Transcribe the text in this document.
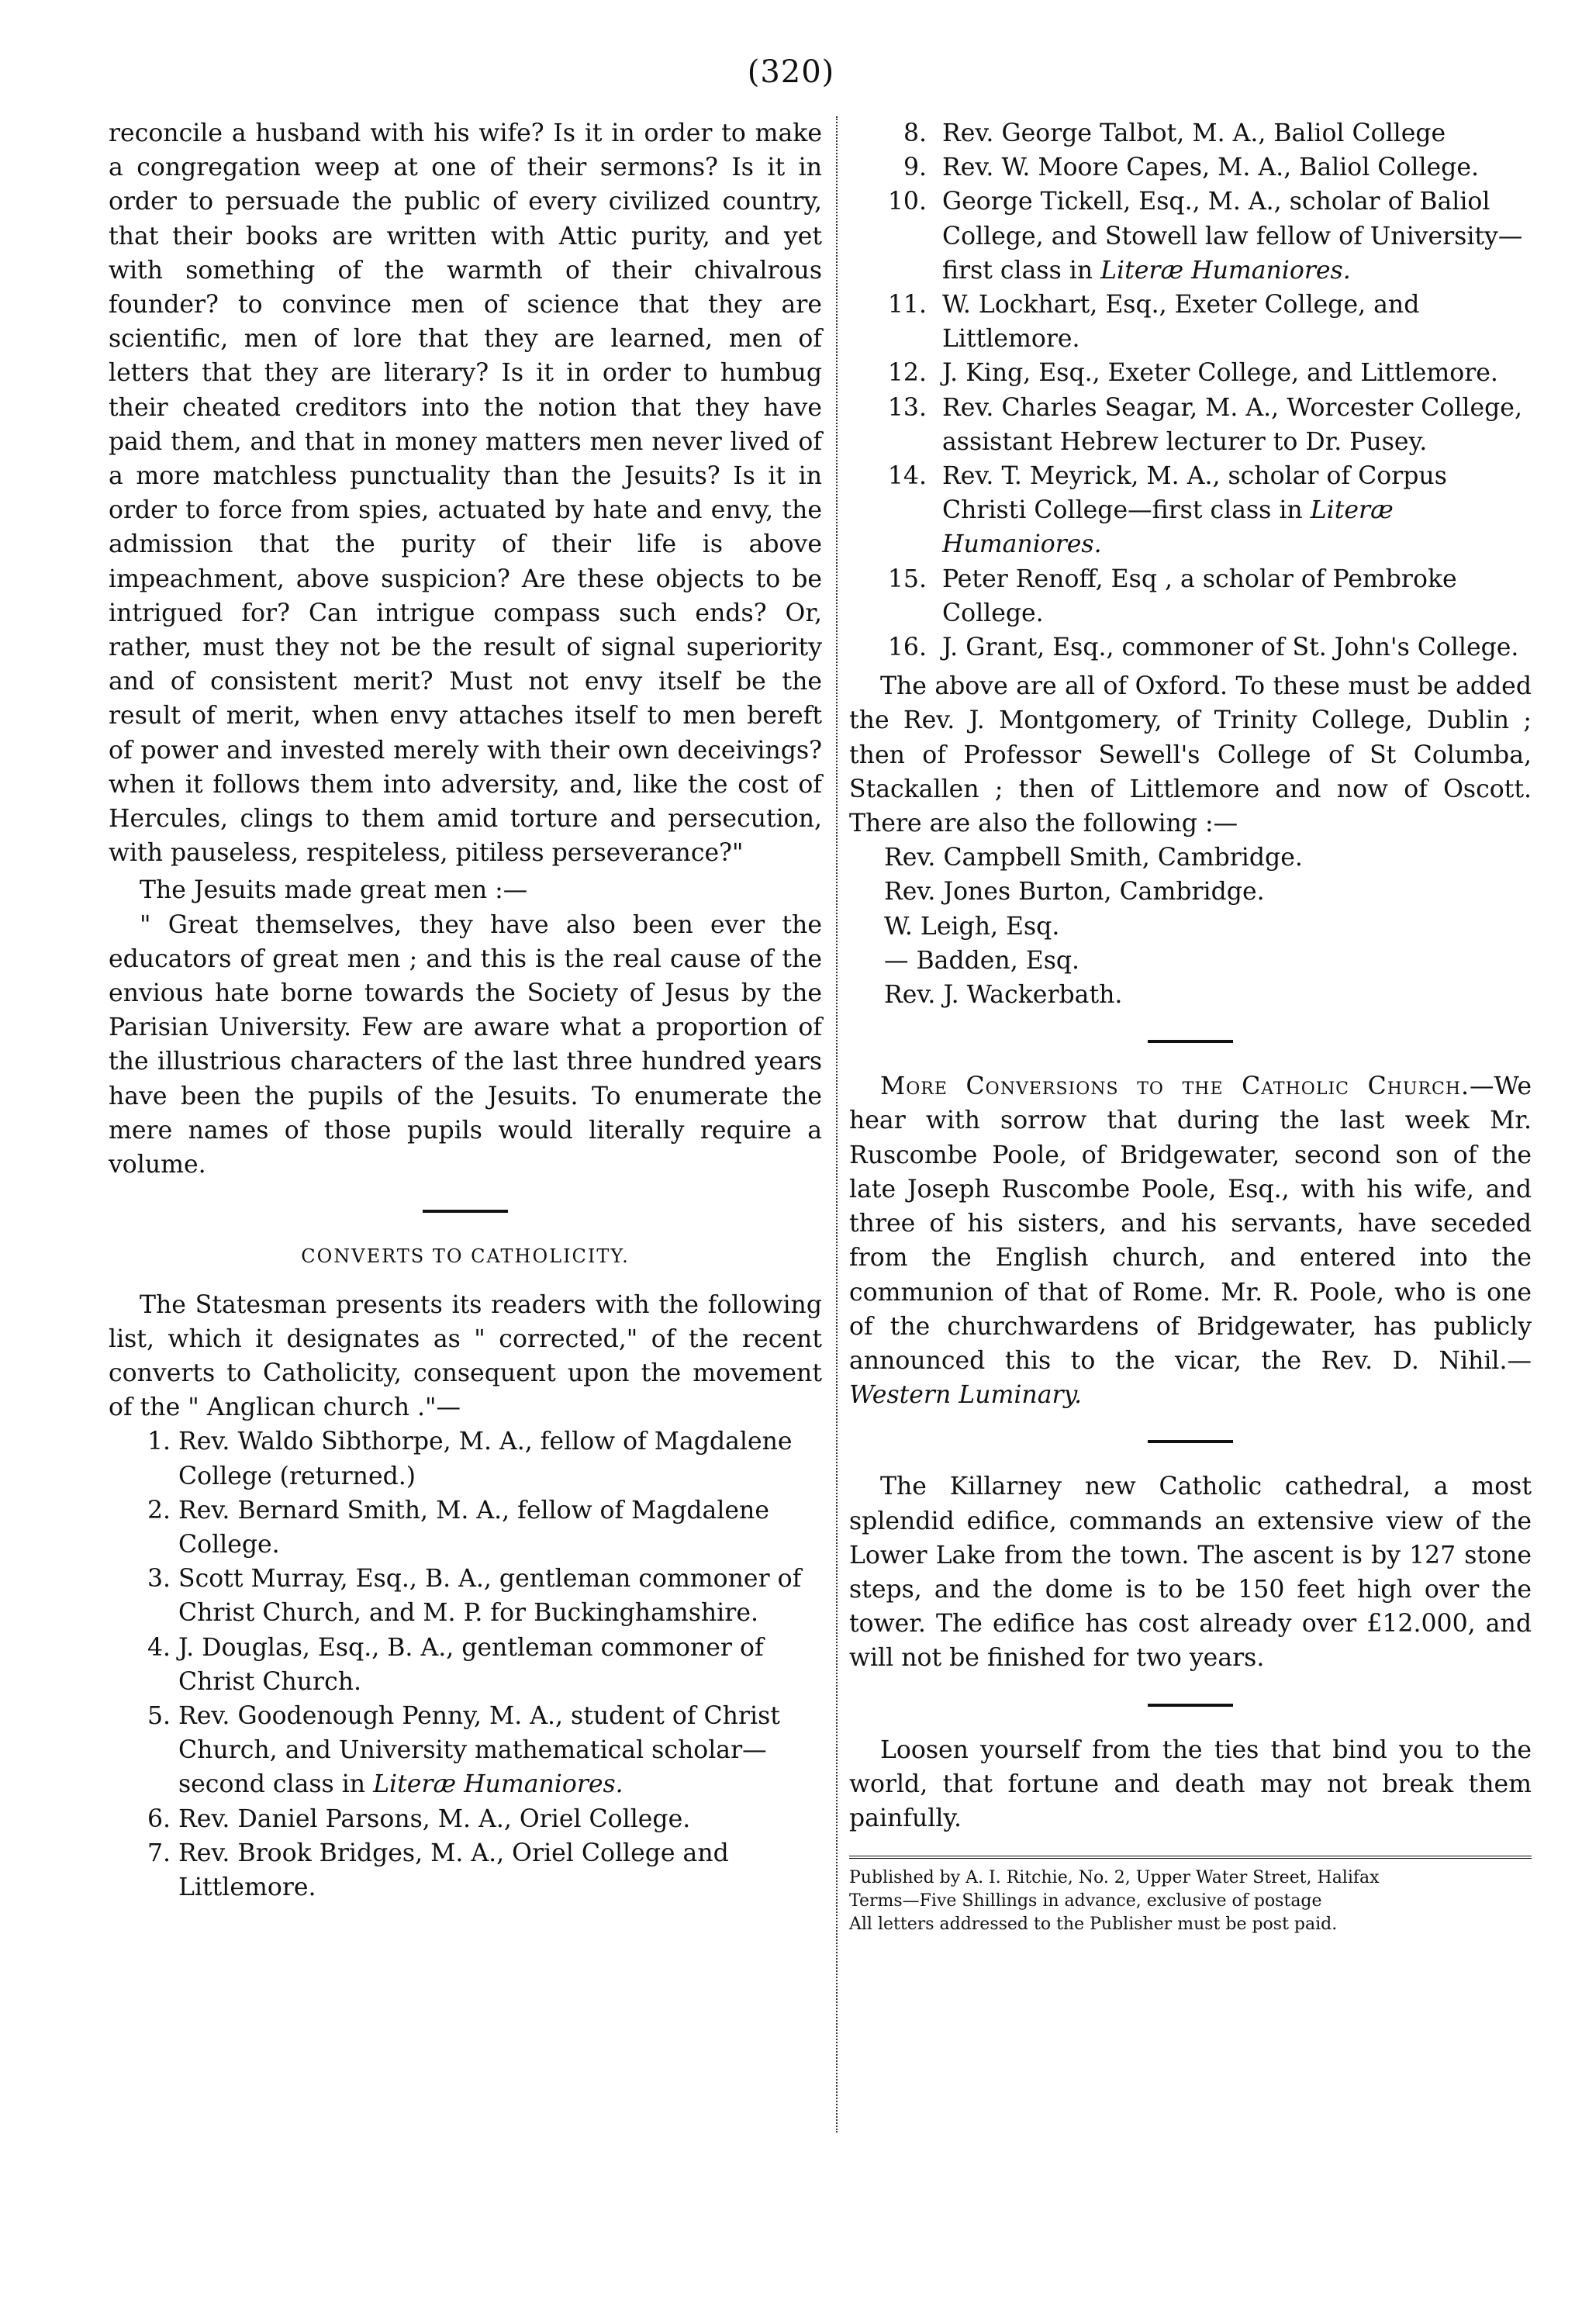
(320)

reconcile a husband with his wife? Is it in order to make a congregation weep at one of their sermons? Is it in order to persuade the public of every civilized country, that their books are written with Attic purity, and yet with something of the warmth of their chivalrous founder? to convince men of science that they are scientific, men of lore that they are learned, men of letters that they are literary? Is it in order to humbug their cheated creditors into the notion that they have paid them, and that in money matters men never lived of a more matchless punctuality than the Jesuits? Is it in order to force from spies, actuated by hate and envy, the admission that the purity of their life is above impeachment, above suspicion? Are these objects to be intrigued for? Can intrigue compass such ends? Or, rather, must they not be the result of signal superiority and of consistent merit? Must not envy itself be the result of merit, when envy attaches itself to men bereft of power and invested merely with their own deceivings? when it follows them into adversity, and, like the cost of Hercules, clings to them amid torture and persecution, with pauseless, respiteless, pitiless perseverance?"

The Jesuits made great men :—

" Great themselves, they have also been ever the educators of great men ; and this is the real cause of the envious hate borne towards the Society of Jesus by the Parisian University. Few are aware what a proportion of the illustrious characters of the last three hundred years have been the pupils of the Jesuits. To enumerate the mere names of those pupils would literally require a volume.

CONVERTS TO CATHOLICITY.

The Statesman presents its readers with the following list, which it designates as " corrected," of the recent converts to Catholicity, consequent upon the movement of the " Anglican church ."—

1. Rev. Waldo Sibthorpe, M. A., fellow of Magdalene College (returned.)
2. Rev. Bernard Smith, M. A., fellow of Magdalene College.
3. Scott Murray, Esq., B. A., gentleman commoner of Christ Church, and M. P. for Buckinghamshire.
4. J. Douglas, Esq., B. A., gentleman commoner of Christ Church.
5. Rev. Goodenough Penny, M. A., student of Christ Church, and University mathematical scholar—second class in Literæ Humaniores.
6. Rev. Daniel Parsons, M. A., Oriel College.
7. Rev. Brook Bridges, M. A., Oriel College and Littlemore.
8. Rev. George Talbot, M. A., Baliol College
9. Rev. W. Moore Capes, M. A., Baliol College.
10. George Tickell, Esq., M. A., scholar of Baliol College, and Stowell law fellow of University—first class in Literæ Humaniores.
11. W. Lockhart, Esq., Exeter College, and Littlemore.
12. J. King, Esq., Exeter College, and Littlemore.
13. Rev. Charles Seagar, M. A., Worcester College, assistant Hebrew lecturer to Dr. Pusey.
14. Rev. T. Meyrick, M. A., scholar of Corpus Christi College—first class in Literæ Humaniores.
15. Peter Renoff, Esq , a scholar of Pembroke College.
16. J. Grant, Esq., commoner of St. John's College.

The above are all of Oxford. To these must be added the Rev. J. Montgomery, of Trinity College, Dublin ; then of Professor Sewell's College of St Columba, Stackallen ; then of Littlemore and now of Oscott. There are also the following :—

Rev. Campbell Smith, Cambridge.
Rev. Jones Burton, Cambridge.
W. Leigh, Esq.
— Badden, Esq.
Rev. J. Wackerbath.

More Conversions to the Catholic Church.—We hear with sorrow that during the last week Mr. Ruscombe Poole, of Bridgewater, second son of the late Joseph Ruscombe Poole, Esq., with his wife, and three of his sisters, and his servants, have seceded from the English church, and entered into the communion of that of Rome. Mr. R. Poole, who is one of the churchwardens of Bridgewater, has publicly announced this to the vicar, the Rev. D. Nihil.—Western Luminary.

The Killarney new Catholic cathedral, a most splendid edifice, commands an extensive view of the Lower Lake from the town. The ascent is by 127 stone steps, and the dome is to be 150 feet high over the tower. The edifice has cost already over £12.000, and will not be finished for two years.

Loosen yourself from the ties that bind you to the world, that fortune and death may not break them painfully.

Published by A. I. Ritchie, No. 2, Upper Water Street, Halifax
Terms—Five Shillings in advance, exclusive of postage
All letters addressed to the Publisher must be post paid.
